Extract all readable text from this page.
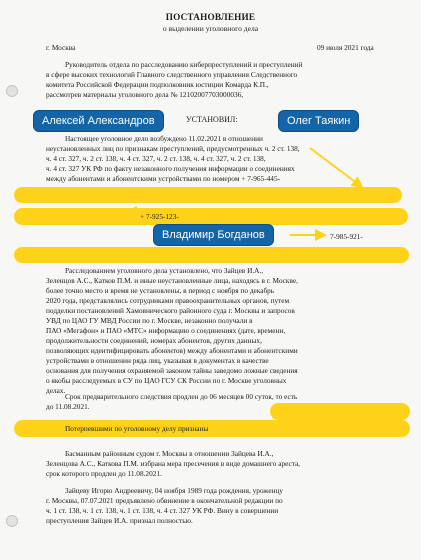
ПОСТАНОВЛЕНИЕ
о выделении уголовного дела
г. Москва	09 июля 2021 года
Руководитель отдела по расследованию киберпреступлений и преступлений
в сфере высоких технологий Главного следственного управления Следственного
комитета Российской Федерации подполковник юстиции Комарда К.П.,
рассмотрев материалы уголовного дела № 12102007703000036,
УСТАНОВИЛ:
Настоящее уголовное дело возбуждено 11.02.2021 в отношении
неустановленных лиц по признакам преступлений, предусмотренных ч. 2 ст. 138,
ч. 4 ст. 327, ч. 2 ст. 138, ч. 4 ст. 327, ч. 2 ст. 138, ч. 4 ст. 327, ч. 2 ст. 138,
ч. 4 ст. 327 УК РФ по факту незаконного получения информации о соединениях
между абонентами и абонентскими устройствами по номером + 7-965-445-
+ 7-925-123-
7-985-921-
Расследованием уголовного дела установлено, что Зайцев И.А.,
Зеленцов А.С., Катков П.М. и иные неустановленные лица, находясь в г. Москве,
более точно место и время не установлены, в период с ноября по декабрь
2020 года, представлялись сотрудниками правоохранительных органов, путем
подделки постановлений Хамовнического районного суда г. Москвы и запросов
УВД по ЦАО ГУ МВД России по г. Москве, незаконно получали в
ПАО «Мегафон» и ПАО «МТС» информацию о соединениях (дате, времени,
продолжительности соединений, номерах абонентов, других данных,
позволяющих идентифицировать абонентов) между абонентами и абонентскими
устройствами в отношении ряда лиц, указывая в документах в качестве
основания для получения охраняемой законом тайны заведомо ложные сведения
о якобы расследуемых в СУ по ЦАО ГСУ СК России по г. Москве уголовных
делах.
Срок предварительного следствия продлен до 06 месяцев 00 суток, то есть
до 11.08.2021.
Потерпевшими по уголовному делу признаны
Басманным районным судом г. Москвы в отношении Зайцева И.А.,
Зеленцова А.С., Каткова П.М. избрана мера пресечения в виде домашнего ареста,
срок которого продлен до 11.08.2021.
Зайцеву Игорю Андреевичу, 04 ноября 1989 года рождения, уроженцу
г. Москвы, 07.07.2021 предъявлено обвинение в окончательной редакции по
ч. 1 ст. 138, ч. 1 ст. 138, ч. 1 ст. 138, ч. 4 ст. 327 УК РФ. Вину в совершении
преступления Зайцев И.А. признал полностью.
Алексей Александров	Олег Таякин
Владимир Богданов
